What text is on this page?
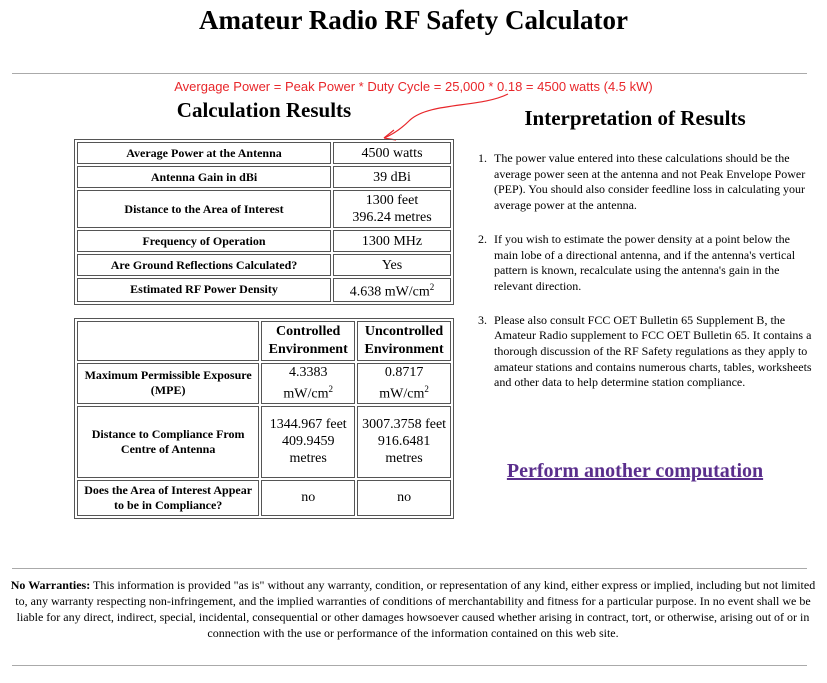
Amateur Radio RF Safety Calculator
Avergage Power = Peak Power * Duty Cycle = 25,000 * 0.18 = 4500 watts (4.5 kW)
Calculation Results	Interpretation of Results
Average Power at the Antenna	4500 watts
Antenna Gain in dBi	39 dBi
Distance to the Area of Interest	1300 feet
396.24 metres

Frequency of Operation	1300 MHz
Are Ground Reflections Calculated?	Yes
Estimated RF Power Density	4.638 $mW/cm^2$
	Controlled Environment	Uncontrolled Environment
Maximum Permissible Exposure (MPE)	4.3383 $mW/cm^2$	0.8717 $mW/cm^2$
Distance to Compliance From Centre of Antenna	1344.967 feet 409.9459 metres	3007.3758 feet 916.6481 metres
Does the Area of Interest Appear to be in Compliance?	no	no
1. The power value entered into these calculations should be the average power seen at the antenna and not Peak Envelope Power (PEP). You should also consider feedline loss in calculating your average power at the antenna.
2. If you wish to estimate the power density at a point below the main lobe of a directional antenna, and if the antenna's vertical pattern is known, recalculate using the antenna's gain in the relevant direction.
3. Please also consult FCC OET Bulletin 65 Supplement B, the Amateur Radio supplement to FCC OET Bulletin 65. It contains a thorough discussion of the RF Safety regulations as they apply to amateur stations and contains numerous charts, tables, worksheets and other data to help determine station compliance.
Perform another computation
No Warranties: This information is provided "as is" without any warranty, condition, or representation of any kind, either express or implied, including but not limited to, any warranty respecting non-infringement, and the implied warranties of conditions of merchantability and fitness for a particular purpose. In no event shall we be liable for any direct, indirect, special, incidental, consequential or other damages howsoever caused whether arising in contract, tort, or otherwise, arising out of or in connection with the use or performance of the information contained on this web site.
